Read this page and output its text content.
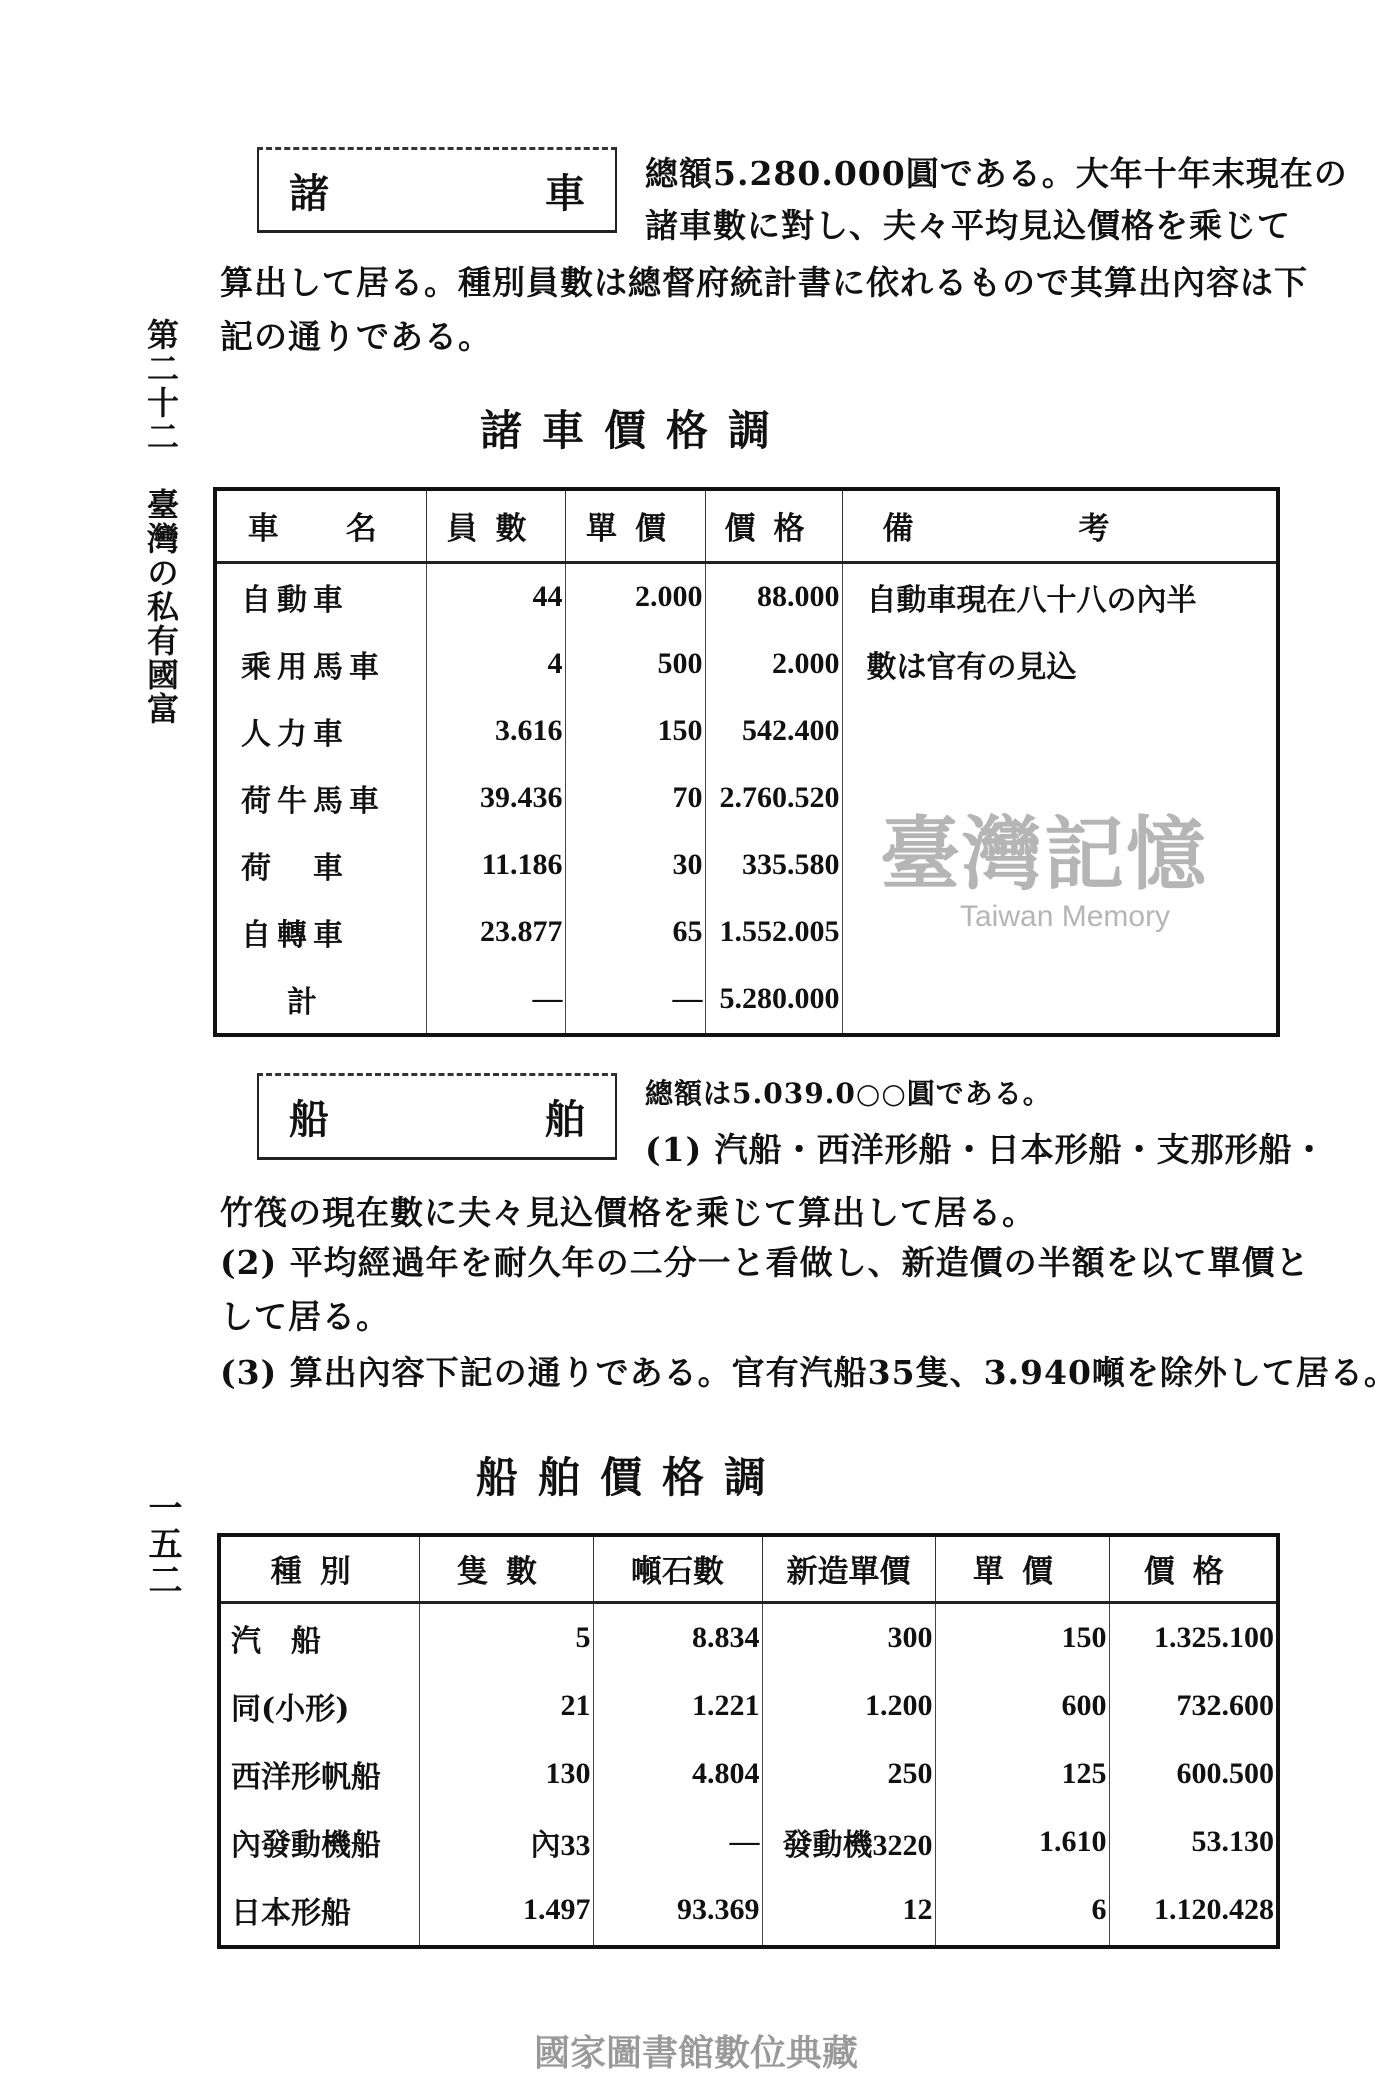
第二十二　臺灣の私有國富
一五二
諸	車 總額5.280.000圓である。大年十年末現在の
諸車數に對し、夫々平均見込價格を乘じて
算出して居る。種別員數は總督府統計書に依れるもので其算出內容は下
記の通りである。
諸車價格調
車　名	員數	單價	價格	備　　　考
自動車	44	2.000	88.000	自動車現在八十八の內半
乘用馬車	4	500	2.000	數は官有の見込
人力車	3.616	150	542.400	
荷牛馬車	39.436	70	2.760.520	
荷　車	11.186	30	335.580	
自轉車	23.877	65	1.552.005	
計	—	—	5.280.000	
臺灣記憶
Taiwan Memory
船	舶
總額は5.039.0○○圓である。
(1) 汽船・西洋形船・日本形船・支那形船・
竹筏の現在數に夫々見込價格を乘じて算出して居る。
(2) 平均經過年を耐久年の二分一と看做し、新造價の半額を以て單價と
して居る。
(3) 算出內容下記の通りである。官有汽船35隻、3.940噸を除外して居る。
船舶價格調
種別	隻數	噸石數	新造單價	單價	價格
汽　船	5	8.834	300	150	1.325.100
同(小形)	21	1.221	1.200	600	732.600
西洋形帆船	130	4.804	250	125	600.500
內發動機船	內33	—	發動機3220	1.610	53.130
日本形船	1.497	93.369	12	6	1.120.428
國家圖書館數位典藏
